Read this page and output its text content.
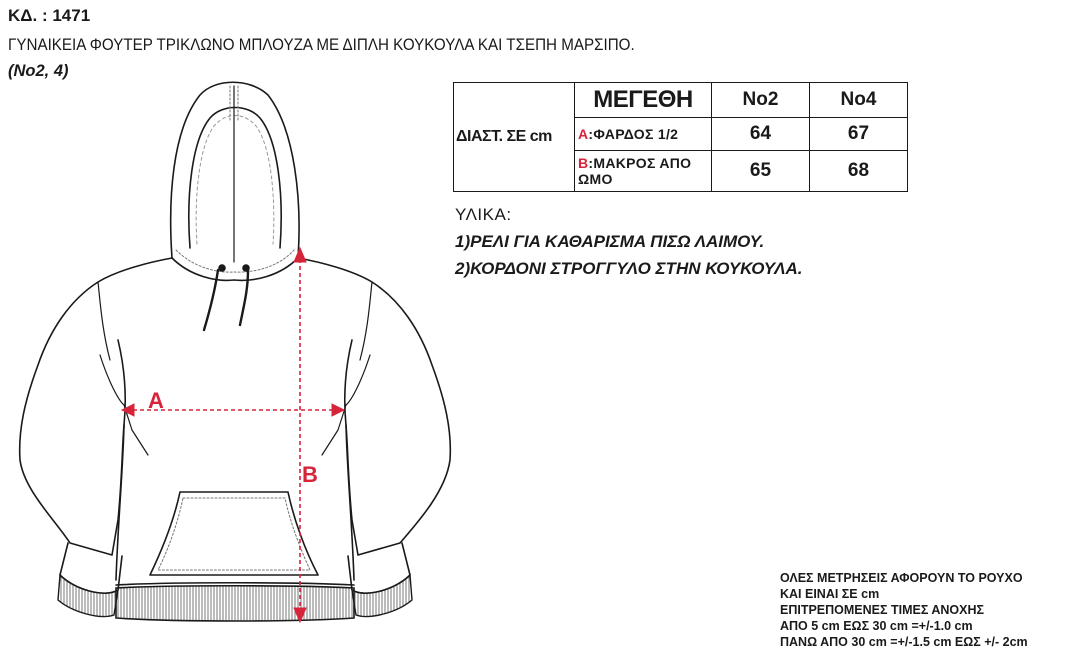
ΚΔ. : 1471
ΓΥΝΑΙΚΕΙΑ ΦΟΥΤΕΡ ΤΡΙΚΛΩΝΟ ΜΠΛΟΥΖΑ ΜΕ ΔΙΠΛΗ ΚΟΥΚΟΥΛΑ ΚΑΙ ΤΣΕΠΗ ΜΑΡΣΙΠΟ.
(No2, 4)
ΔΙΑΣΤ. ΣΕ cm	ΜΕΓΕΘΗ	No2	No4
	A:ΦΑΡΔΟΣ 1/2	64	67
	B:ΜΑΚΡΟΣ ΑΠΟ
ΩΜΟ	65	68
ΥΛΙΚΑ:
1)ΡΕΛΙ ΓΙΑ ΚΑΘΑΡΙΣΜΑ ΠΙΣΩ ΛΑΙΜΟΥ.
2)ΚΟΡΔΟΝΙ ΣΤΡΟΓΓΥΛΟ ΣΤΗΝ ΚΟΥΚΟΥΛΑ.
ΟΛΕΣ ΜΕΤΡΗΣΕΙΣ ΑΦΟΡΟΥΝ ΤΟ ΡΟΥΧΟ
ΚΑΙ ΕΙΝΑΙ ΣΕ cm
ΕΠΙΤΡΕΠΟΜΕΝΕΣ ΤΙΜΕΣ ΑΝΟΧΗΣ
ΑΠΟ 5 cm ΕΩΣ 30 cm =+/-1.0 cm
ΠΑΝΩ ΑΠΟ 30 cm =+/-1.5 cm ΕΩΣ +/- 2cm
A
B
